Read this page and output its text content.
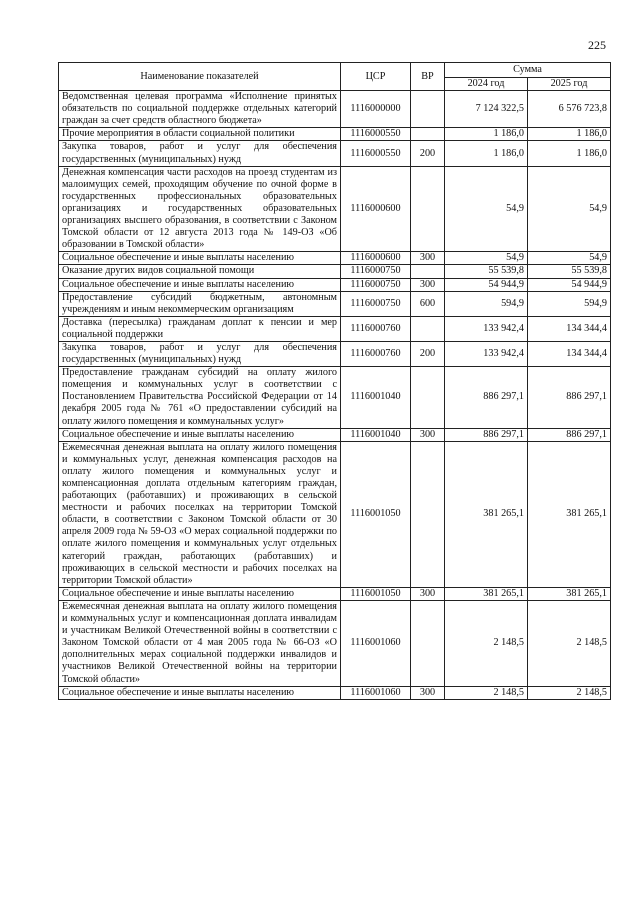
225
Наименование показателей	ЦСР	ВР	Сумма	
			2024 год	2025 год
Ведомственная целевая программа «Исполнение принятых обязательств по социальной поддержке отдельных категорий граждан за счет средств областного бюджета»	1116000000		7 124 322,5	6 576 723,8
Прочие мероприятия в области социальной политики	1116000550		1 186,0	1 186,0
Закупка товаров, работ и услуг для обеспечения государственных (муниципальных) нужд	1116000550	200	1 186,0	1 186,0
Денежная компенсация части расходов на проезд студентам из малоимущих семей, проходящим обучение по очной форме в государственных профессиональных образовательных организациях и государственных образовательных организациях высшего образования, в соответствии с Законом Томской области от 12 августа 2013 года № 149-ОЗ «Об образовании в Томской области»	1116000600		54,9	54,9
Социальное обеспечение и иные выплаты населению	1116000600	300	54,9	54,9
Оказание других видов социальной помощи	1116000750		55 539,8	55 539,8
Социальное обеспечение и иные выплаты населению	1116000750	300	54 944,9	54 944,9
Предоставление субсидий бюджетным, автономным учреждениям и иным некоммерческим организациям	1116000750	600	594,9	594,9
Доставка (пересылка) гражданам доплат к пенсии и мер социальной поддержки	1116000760		133 942,4	134 344,4
Закупка товаров, работ и услуг для обеспечения государственных (муниципальных) нужд	1116000760	200	133 942,4	134 344,4
Предоставление гражданам субсидий на оплату жилого помещения и коммунальных услуг в соответствии с Постановлением Правительства Российской Федерации от 14 декабря 2005 года № 761 «О предоставлении субсидий на оплату жилого помещения и коммунальных услуг»	1116001040		886 297,1	886 297,1
Социальное обеспечение и иные выплаты населению	1116001040	300	886 297,1	886 297,1
Ежемесячная денежная выплата на оплату жилого помещения и коммунальных услуг, денежная компенсация расходов на оплату жилого помещения и коммунальных услуг и компенсационная доплата отдельным категориям граждан, работающих (работавших) и проживающих в сельской местности и рабочих поселках на территории Томской области, в соответствии с Законом Томской области от 30 апреля 2009 года № 59-ОЗ «О мерах социальной поддержки по оплате жилого помещения и коммунальных услуг отдельных категорий граждан, работающих (работавших) и проживающих в сельской местности и рабочих поселках на территории Томской области»	1116001050		381 265,1	381 265,1
Социальное обеспечение и иные выплаты населению	1116001050	300	381 265,1	381 265,1
Ежемесячная денежная выплата на оплату жилого помещения и коммунальных услуг и компенсационная доплата инвалидам и участникам Великой Отечественной войны в соответствии с Законом Томской области от 4 мая 2005 года № 66-ОЗ «О дополнительных мерах социальной поддержки инвалидов и участников Великой Отечественной войны на территории Томской области»	1116001060		2 148,5	2 148,5
Социальное обеспечение и иные выплаты населению	1116001060	300	2 148,5	2 148,5
